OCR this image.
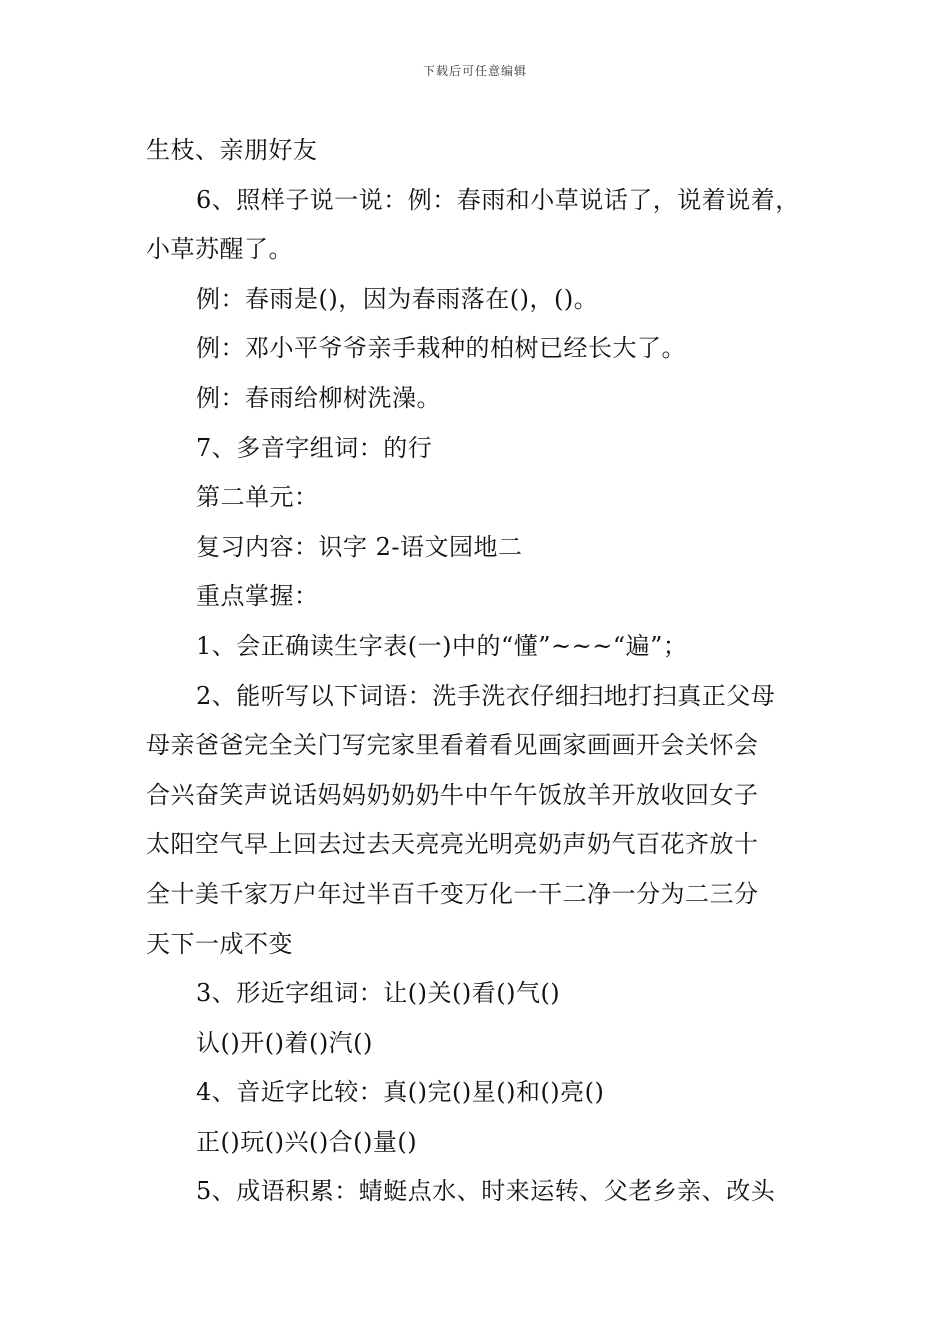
下载后可任意编辑
生枝、亲朋好友
6、照样子说一说：例：春雨和小草说话了，说着说着，
小草苏醒了。
例：春雨是()，因为春雨落在()，()。
例：邓小平爷爷亲手栽种的柏树已经长大了。
例：春雨给柳树洗澡。
7、多音字组词：的行
第二单元：
复习内容：识字 2-语文园地二
重点掌握：
1、会正确读生字表(一)中的“懂”~~~“遍”；
2、能听写以下词语：洗手洗衣仔细扫地打扫真正父母
母亲爸爸完全关门写完家里看着看见画家画画开会关怀会
合兴奋笑声说话妈妈奶奶奶牛中午午饭放羊开放收回女子
太阳空气早上回去过去天亮亮光明亮奶声奶气百花齐放十
全十美千家万户年过半百千变万化一干二净一分为二三分
天下一成不变
3、形近字组词：让()关()看()气()
认()开()着()汽()
4、音近字比较：真()完()星()和()亮()
正()玩()兴()合()量()
5、成语积累：蜻蜓点水、时来运转、父老乡亲、改头
